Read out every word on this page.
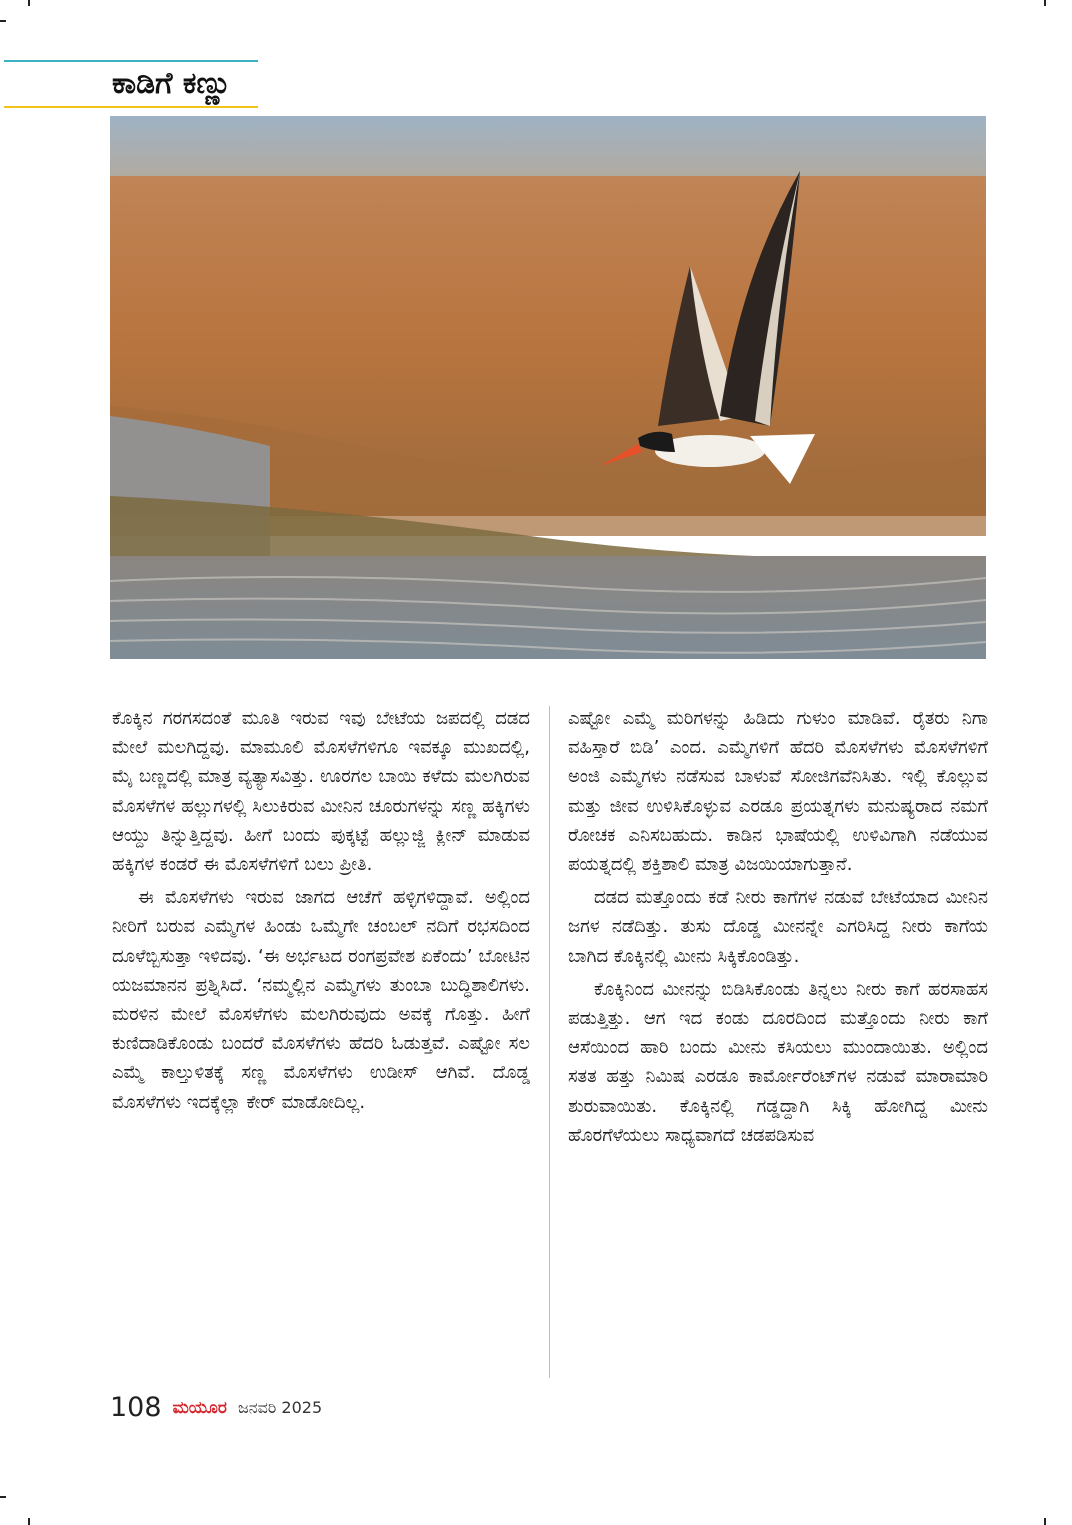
ಕಾಡಿಗೆ ಕಣ್ಣು

ಕೊಕ್ಕಿನ ಗರಗಸದಂತೆ ಮೂತಿ ಇರುವ ಇವು ಬೇಟೆಯ ಜಪದಲ್ಲಿ ದಡದ ಮೇಲೆ ಮಲಗಿದ್ದವು. ಮಾಮೂಲಿ ಮೊಸಳೆಗಳಿಗೂ ಇವಕ್ಕೂ ಮುಖದಲ್ಲಿ, ಮೈ ಬಣ್ಣದಲ್ಲಿ ಮಾತ್ರ ವ್ಯತ್ಯಾಸವಿತ್ತು. ಊರಗಲ ಬಾಯಿ ಕಳೆದು ಮಲಗಿರುವ ಮೊಸಳೆಗಳ ಹಲ್ಲುಗಳಲ್ಲಿ ಸಿಲುಕಿರುವ ಮೀನಿನ ಚೂರುಗಳನ್ನು ಸಣ್ಣ ಹಕ್ಕಿಗಳು ಆಯ್ದು ತಿನ್ನುತ್ತಿದ್ದವು. ಹೀಗೆ ಬಂದು ಪುಕ್ಕಟ್ಟೆ ಹಲ್ಲುಜ್ಜಿ ಕ್ಲೀನ್ ಮಾಡುವ ಹಕ್ಕಿಗಳ ಕಂಡರೆ ಈ ಮೊಸಳೆಗಳಿಗೆ ಬಲು ಪ್ರೀತಿ.

ಈ ಮೊಸಳೆಗಳು ಇರುವ ಜಾಗದ ಆಚೆಗೆ ಹಳ್ಳಿಗಳಿದ್ದಾವೆ. ಅಲ್ಲಿಂದ ನೀರಿಗೆ ಬರುವ ಎಮ್ಮೆಗಳ ಹಿಂಡು ಒಮ್ಮೆಗೇ ಚಂಬಲ್ ನದಿಗೆ ರಭಸದಿಂದ ದೂಳೆಬ್ಬಿಸುತ್ತಾ ಇಳಿದವು. ‘ಈ ಅರ್ಭಟದ ರಂಗಪ್ರವೇಶ ಏಕೆಂದು’ ಬೋಟಿನ ಯಜಮಾನನ ಪ್ರಶ್ನಿಸಿದೆ. ‘ನಮ್ಮಲ್ಲಿನ ಎಮ್ಮೆಗಳು ತುಂಬಾ ಬುದ್ಧಿಶಾಲಿಗಳು. ಮರಳಿನ ಮೇಲೆ ಮೊಸಳೆಗಳು ಮಲಗಿರುವುದು ಅವಕ್ಕೆ ಗೊತ್ತು. ಹೀಗೆ ಕುಣಿದಾಡಿಕೊಂಡು ಬಂದರೆ ಮೊಸಳೆಗಳು ಹೆದರಿ ಓಡುತ್ತವೆ. ಎಷ್ಟೋ ಸಲ ಎಮ್ಮೆ ಕಾಲ್ತುಳಿತಕ್ಕೆ ಸಣ್ಣ ಮೊಸಳೆಗಳು ಉಡೀಸ್ ಆಗಿವೆ. ದೊಡ್ಡ ಮೊಸಳೆಗಳು ಇದಕ್ಕೆಲ್ಲಾ ಕೇರ್ ಮಾಡೋದಿಲ್ಲ.

ಎಷ್ಟೋ ಎಮ್ಮೆ ಮರಿಗಳನ್ನು ಹಿಡಿದು ಗುಳುಂ ಮಾಡಿವೆ. ರೈತರು ನಿಗಾ ವಹಿಸ್ತಾರೆ ಬಿಡಿ’ ಎಂದ. ಎಮ್ಮೆಗಳಿಗೆ ಹೆದರಿ ಮೊಸಳೆಗಳು ಮೊಸಳೆಗಳಿಗೆ ಅಂಜಿ ಎಮ್ಮೆಗಳು ನಡೆಸುವ ಬಾಳುವೆ ಸೋಜಿಗವೆನಿಸಿತು. ಇಲ್ಲಿ ಕೊಲ್ಲುವ ಮತ್ತು ಜೀವ ಉಳಿಸಿಕೊಳ್ಳುವ ಎರಡೂ ಪ್ರಯತ್ನಗಳು ಮನುಷ್ಯರಾದ ನಮಗೆ ರೋಚಕ ಎನಿಸಬಹುದು. ಕಾಡಿನ ಭಾಷೆಯಲ್ಲಿ ಉಳಿವಿಗಾಗಿ ನಡೆಯುವ ಪಯತ್ನದಲ್ಲಿ ಶಕ್ತಿಶಾಲಿ ಮಾತ್ರ ವಿಜಯಿಯಾಗುತ್ತಾನೆ.

ದಡದ ಮತ್ತೊಂದು ಕಡೆ ನೀರು ಕಾಗೆಗಳ ನಡುವೆ ಬೇಟೆಯಾದ ಮೀನಿನ ಜಗಳ ನಡೆದಿತ್ತು. ತುಸು ದೊಡ್ಡ ಮೀನನ್ನೇ ಎಗರಿಸಿದ್ದ ನೀರು ಕಾಗೆಯ ಬಾಗಿದ ಕೊಕ್ಕಿನಲ್ಲಿ ಮೀನು ಸಿಕ್ಕಿಕೊಂಡಿತ್ತು.

ಕೊಕ್ಕಿನಿಂದ ಮೀನನ್ನು ಬಿಡಿಸಿಕೊಂಡು ತಿನ್ನಲು ನೀರು ಕಾಗೆ ಹರಸಾಹಸ ಪಡುತ್ತಿತ್ತು. ಆಗ ಇದ ಕಂಡು ದೂರದಿಂದ ಮತ್ತೊಂದು ನೀರು ಕಾಗೆ ಆಸೆಯಿಂದ ಹಾರಿ ಬಂದು ಮೀನು ಕಸಿಯಲು ಮುಂದಾಯಿತು. ಅಲ್ಲಿಂದ ಸತತ ಹತ್ತು ನಿಮಿಷ ಎರಡೂ ಕಾರ್ಮೋರೆಂಟ್‌ಗಳ ನಡುವೆ ಮಾರಾಮಾರಿ ಶುರುವಾಯಿತು. ಕೊಕ್ಕಿನಲ್ಲಿ ಗಡ್ಡದ್ದಾಗಿ ಸಿಕ್ಕಿ ಹೋಗಿದ್ದ ಮೀನು ಹೊರಗೆಳೆಯಲು ಸಾಧ್ಯವಾಗದೆ ಚಡಪಡಿಸುವ

108 ಮಯೂರ ಜನವರಿ 2025
